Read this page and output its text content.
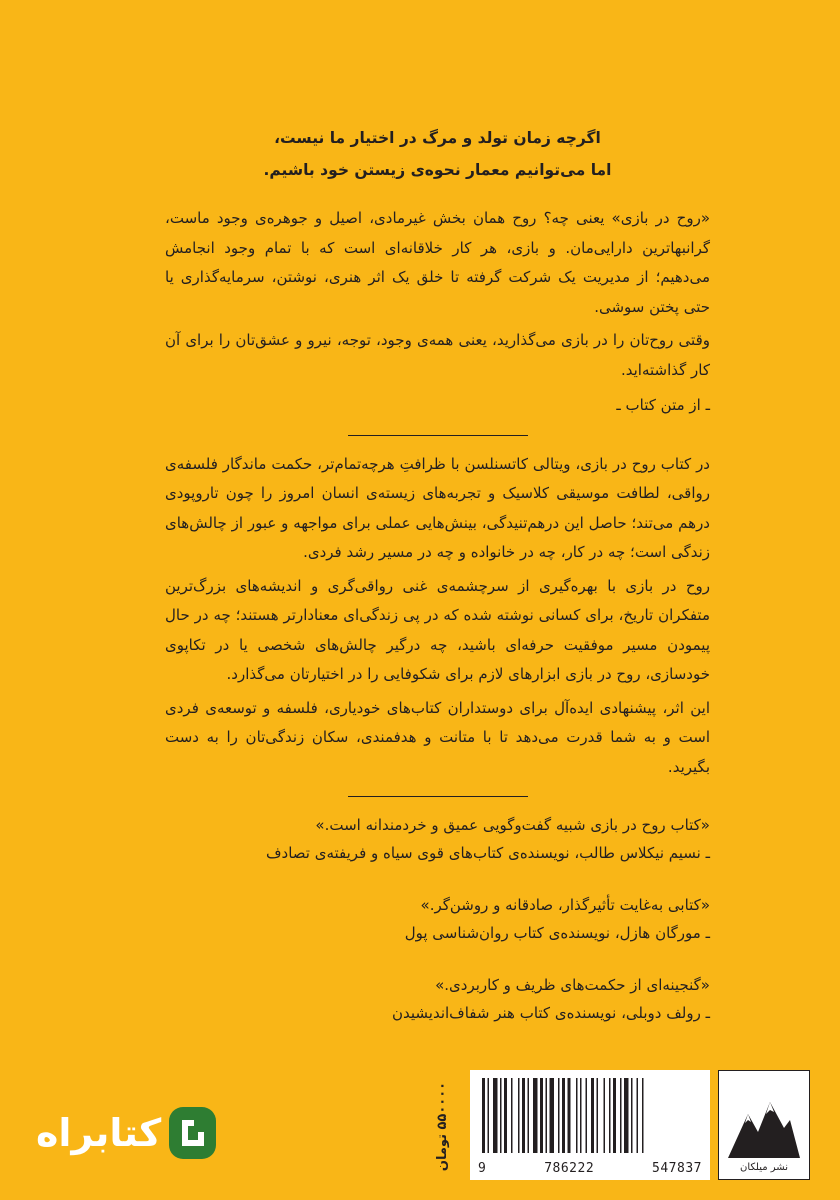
اگرچه زمان تولد و مرگ در اختیار ما نیست،
اما می‌توانیم معمار نحوه‌ی زیستن خود باشیم.

«روح در بازی» یعنی چه؟ روح همان بخش غیرمادی، اصیل و جوهره‌ی وجود ماست، گرانبهاترین دارایی‌مان. و بازی، هر کار خلاقانه‌ای است که با تمام وجود انجامش می‌دهیم؛ از مدیریت یک شرکت گرفته تا خلق یک اثر هنری، نوشتن، سرمایه‌گذاری یا حتی پختن سوشی.

وقتی روح‌تان را در بازی می‌گذارید، یعنی همه‌ی وجود، توجه، نیرو و عشق‌تان را برای آن کار گذاشته‌اید.

ـ از متن کتاب ـ

در کتاب روح در بازی، ویتالی کاتسنلسن با ظرافتِ هرچه‌تمام‌تر، حکمت ماندگار فلسفه‌ی رواقی، لطافت موسیقی کلاسیک و تجربه‌های زیسته‌ی انسان امروز را چون تاروپودی درهم می‌تند؛ حاصل این درهم‌تنیدگی، بینش‌هایی عملی برای مواجهه و عبور از چالش‌های زندگی است؛ چه در کار، چه در خانواده و چه در مسیر رشد فردی.

روح در بازی با بهره‌گیری از سرچشمه‌ی غنی رواقی‌گری و اندیشه‌های بزرگ‌ترین متفکران تاریخ، برای کسانی نوشته شده که در پی زندگی‌ای معنادارتر هستند؛ چه در حال پیمودن مسیر موفقیت حرفه‌ای باشید، چه درگیر چالش‌های شخصی یا در تکاپوی خودسازی، روح در بازی ابزارهای لازم برای شکوفایی را در اختیارتان می‌گذارد.

این اثر، پیشنهادی ایده‌آل برای دوستداران کتاب‌های خودیاری، فلسفه و توسعه‌ی فردی است و به شما قدرت می‌دهد تا با متانت و هدفمندی، سکان زندگی‌تان را به دست بگیرید.

«کتاب روح در بازی شبیه گفت‌وگویی عمیق و خردمندانه است.»
ـ نسیم نیکلاس طالب، نویسنده‌ی کتاب‌های قوی سیاه و فریفته‌ی تصادف
«کتابی به‌غایت تأثیرگذار، صادقانه و روشن‌گر.»
ـ مورگان هازل، نویسنده‌ی کتاب روان‌شناسی پول
«گنجینه‌ای از حکمت‌های ظریف و کاربردی.»
ـ رولف دوبلی، نویسنده‌ی کتاب هنر شفاف‌اندیشیدن
کتابراه	۵۵۰۰۰۰ تومان
9	786222	547837	نشر میلکان
